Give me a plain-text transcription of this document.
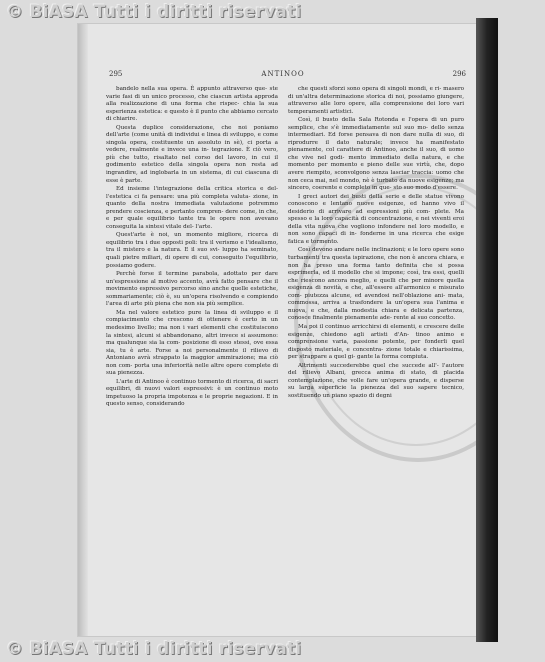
© BiASA Tutti i diritti riservati
295	ANTINOO	296

bandelo nella sua opera. È appunto attraverso que- ste varie fasi di un unico processo, che ciascun artista approda alla realizzazione di una forma che rispec- chia la sua esperienza estetica: e questo è il punto che abbiamo cercato di chiarire.

Questa duplice considerazione, che noi poniamo dell'arte (come unità di individui e linea di sviluppo, e come singola opera, costituente un assoluto in sè), ci porta a vedere, realmente e invece una in- tegrazione. È ciò vero, più che tutto, risaltato nel corso del lavoro, in cui il godimento estetico della singola opera non resta ad ingrandire, ad inglobarla in un sistema, di cui ciascuna di esse è parte.

Ed insieme l'integrazione della critica storica e del- l'estetica ci fa pensare: una più completa valuta- zione, in quanto della nostra immediata valutazione potremmo prendere coscienza, e pertanto compren- dere come, in che, e per quale equilibrio tante tra le opere non avevano conseguita la sintesi vitale del- l'arte.

Quest'arte è noi, un momento migliore, ricerca di equilibrio tra i due opposti poli: tra il verismo e l'idealismo, tra il mistero e la natura. E il suo svi- luppo ha seminato, quali pietre miliari, di opere di cui, conseguito l'equilibrio, possiamo godere.

Perchè forse il termine parabola, adottato per dare un'espressione al motivo accento, avrà fatto pensare che il movimento espressivo percorso sino anche quelle estetiche, sommariamente; ciò è, su un'opera risolvendo e compiendo l'area di arte più piena che non sia più semplice.

Ma nel valore estetico pure la linea di sviluppo e il compiacimento che crescono di ottenere è certo in un medesimo livello; ma non i vari elementi che costituiscono la sintesi, alcuni si abbandonano, altri invece si assumono: ma qualunque sia la com- posizione di esso stessi, ove essa sia, tu è arte. Forse a noi personalmente il rilievo di Antoniano avrà strappato la maggior ammirazione; ma ciò non com- porta una inferiorità nelle altre opere complete di sua pienezza.

L'arte di Antinoo è continuo tormento di ricerca, di sacri equilibri, di nuovi valori espressivi: è un continuo moto impetuoso la propria impotenza e le proprie negazioni. E in questo senso, considerando

che questi sforzi sono opera di singoli mondi, e ri- masero di un'altra determinazione storica di noi, possiamo giungere, attraverso alle loro opere, alla comprensione dei loro vari temperamenti artistici.

Così, il busto della Sala Rotonda e l'opera di un puro semplice, che s'è immediatamente sul suo mo- dello senza intermediari. Ed forse pensava di non dare nulla di suo, di riprodurre il dato naturale; invece ha manifestato pienamente, col carattere di Antinoo, anche il suo, di uomo che vive nel godi- mento immediato della natura, e che momento per momento e pieno delle sue virtù, che, dopo avere riempito, sconvolgono senza lasciar traccia: uomo che non ceca mai, nel mondo, nè è turbato da nuove esigenze; ma sincero, coerente e completo in que- sto suo modo d'essere.

I greci autori dei busti della serie e delle statue vivono conoscono e lentano nuove esigenze, ed hanno vivo il desiderio di arrivare ad espressioni più com- plete. Ma spesso e la loro capacità di concentrazione, e nei viventi eroi della vita nuova che vogliono infondere nel loro modello, e non sono capaci di in- fonderne in una ricerca che esige fatica e tormento.

Così devono andare nelle inclinazioni; e le loro opere sono turbamenti tra questa ispirazione, che non è ancora chiara, e non ha preso una forma tanto definita che si possa esprimerla, ed il modello che si impone; così, tra essi, quelli che riescono ancora meglio, e quelli che per minore quella esigenza di novità, e che, all'essere all'armonico e misurato com- piutezza alcune, ed avendosi nell'oblazione ani- mata, commossa, arriva a trasfondere la un'opera sua l'anima e nuova, e che, dalla modestia chiara e delicata partenza, conosce finalmente pienamente ade- rente al suo concetto.

Ma poi il continuo arricchirsi di elementi, e crescere delle esigenze, chiedono agli artisti d'An- tinoo animo e comprensione varia, passione potente, per fonderli quel disposto materiale, e concentra- zione totale e chiarissima, per strappare a quel gi- gante la forma compiuta.

Altrimenti succederebbe quel che succede all'- l'autore del rilievo Albani, grecca anima di stato, di placida contemplazione, che volle fare un'opera grande, e disperse su larga superficie la pienezza del suo sapere tecnico, sostituendo un piano spazio di degni

© BiASA Tutti i diritti riservati
